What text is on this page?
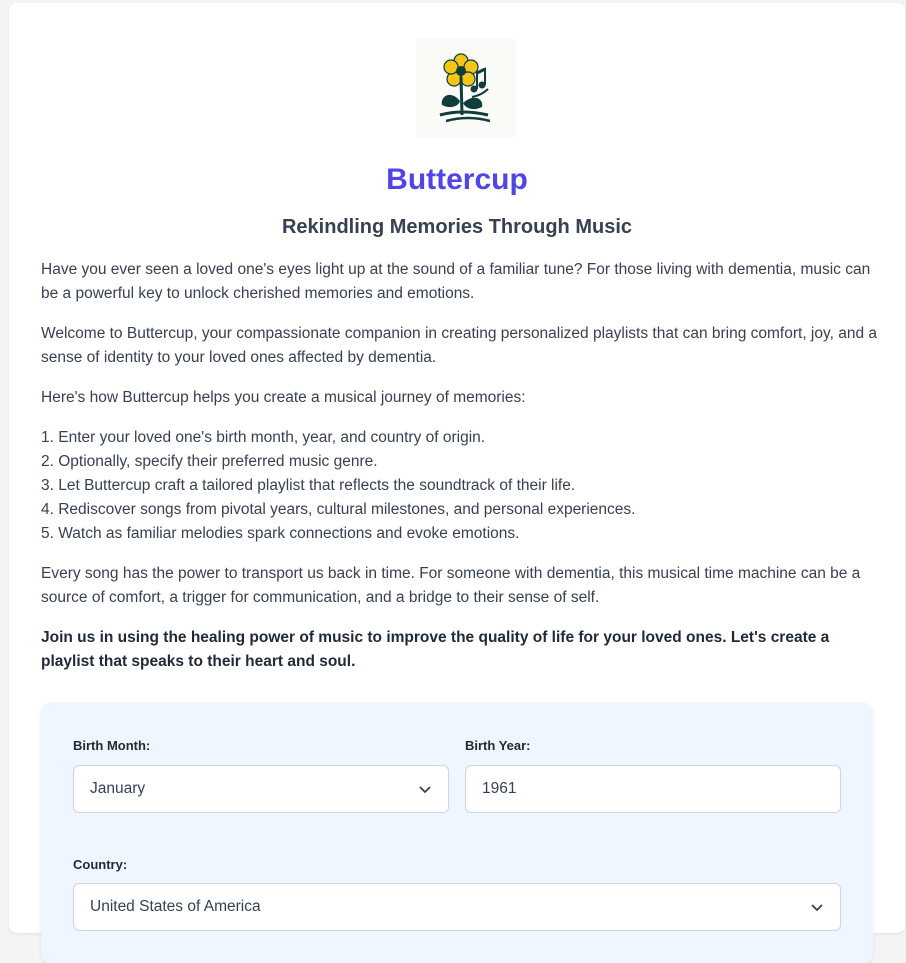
Buttercup
Rekindling Memories Through Music

Have you ever seen a loved one's eyes light up at the sound of a familiar tune? For those living with dementia, music can be a powerful key to unlock cherished memories and emotions.

Welcome to Buttercup, your compassionate companion in creating personalized playlists that can bring comfort, joy, and a sense of identity to your loved ones affected by dementia.

Here's how Buttercup helps you create a musical journey of memories:

1. Enter your loved one's birth month, year, and country of origin.
2. Optionally, specify their preferred music genre.
3. Let Buttercup craft a tailored playlist that reflects the soundtrack of their life.
4. Rediscover songs from pivotal years, cultural milestones, and personal experiences.
5. Watch as familiar melodies spark connections and evoke emotions.

Every song has the power to transport us back in time. For someone with dementia, this musical time machine can be a source of comfort, a trigger for communication, and a bridge to their sense of self.

Join us in using the healing power of music to improve the quality of life for your loved ones. Let's create a playlist that speaks to their heart and soul.

Birth Month:
January
Birth Year:
1961
Country:
United States of America
